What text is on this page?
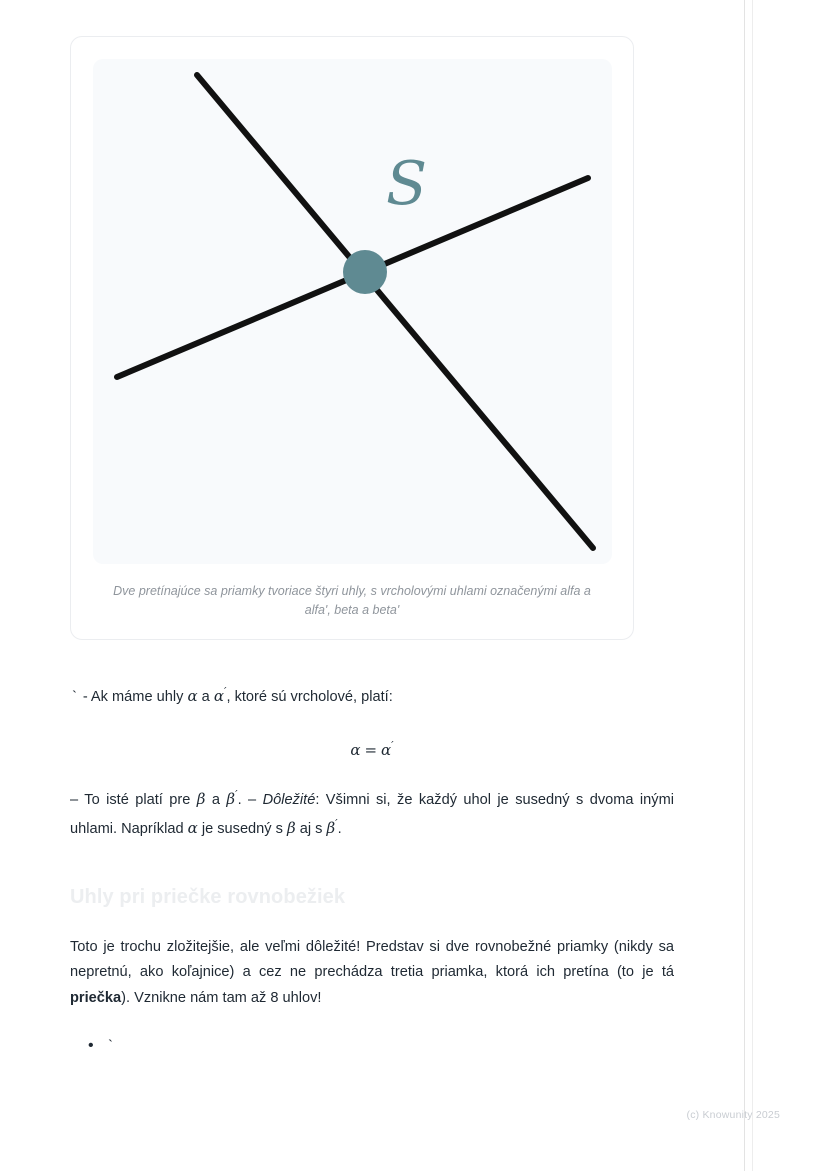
S
Dve pretínajúce sa priamky tvoriace štyri uhly, s vrcholovými uhlami označenými alfa a alfa', beta a beta'

` - Ak máme uhly α a α′, ktoré sú vrcholové, platí:

α = α′

– To isté platí pre β a β′. – Dôležité: Všimni si, že každý uhol je susedný s dvoma inými uhlami. Napríklad α je susedný s β aj s β′.

Uhly pri priečke rovnobežiek

Toto je trochu zložitejšie, ale veľmi dôležité! Predstav si dve rovnobežné priamky (nikdy sa nepretnú, ako koľajnice) a cez ne prechádza tretia priamka, ktorá ich pretína (to je tá priečka). Vznikne nám tam až 8 uhlov!

• `
(c) Knowunity 2025
